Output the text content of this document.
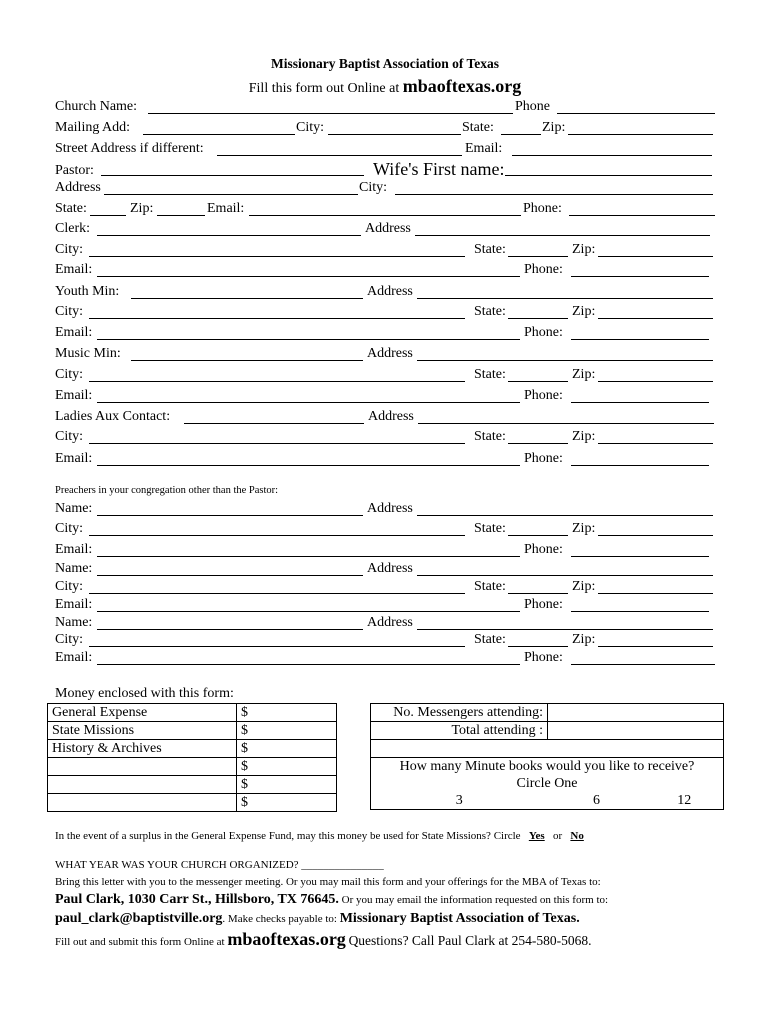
Missionary Baptist Association of Texas
Fill this form out Online at mbaoftexas.org
Church Name:	Phone
Mailing Add:	City:	State:	Zip:
Street Address if different:	Email:
Pastor:	Wife's First name:
Address	City:
State:	Zip:	Email:	Phone:
Clerk:	Address
City:	State:	Zip:
Email:	Phone:
Youth Min:	Address
City:	State:	Zip:
Email:	Phone:
Music Min:	Address
City:	State:	Zip:
Email:	Phone:
Ladies Aux Contact:	Address
City:	State:	Zip:
Email:	Phone:
Preachers in your congregation other than the Pastor:
Name:	Address
City:	State:	Zip:
Email:	Phone:
Name:	Address
City:	State:	Zip:
Email:	Phone:
Name:	Address
City:	State:	Zip:
Email:	Phone:
Money enclosed with this form:
General Expense	$
State Missions	$
History & Archives	$
	$
	$
	$
No. Messengers attending:		
Total attending :		

How many Minute books would you like to receive?		
Circle One		
3	6	12
In the event of a surplus in the General Expense Fund, may this money be used for State Missions? Circle Yes or No
WHAT YEAR WAS YOUR CHURCH ORGANIZED? _______________
Bring this letter with you to the messenger meeting. Or you may mail this form and your offerings for the MBA of Texas to:
Paul Clark, 1030 Carr St., Hillsboro, TX 76645. Or you may email the information requested on this form to:
paul_clark@baptistville.org. Make checks payable to: Missionary Baptist Association of Texas.
Fill out and submit this form Online at mbaoftexas.org Questions? Call Paul Clark at 254-580-5068.
